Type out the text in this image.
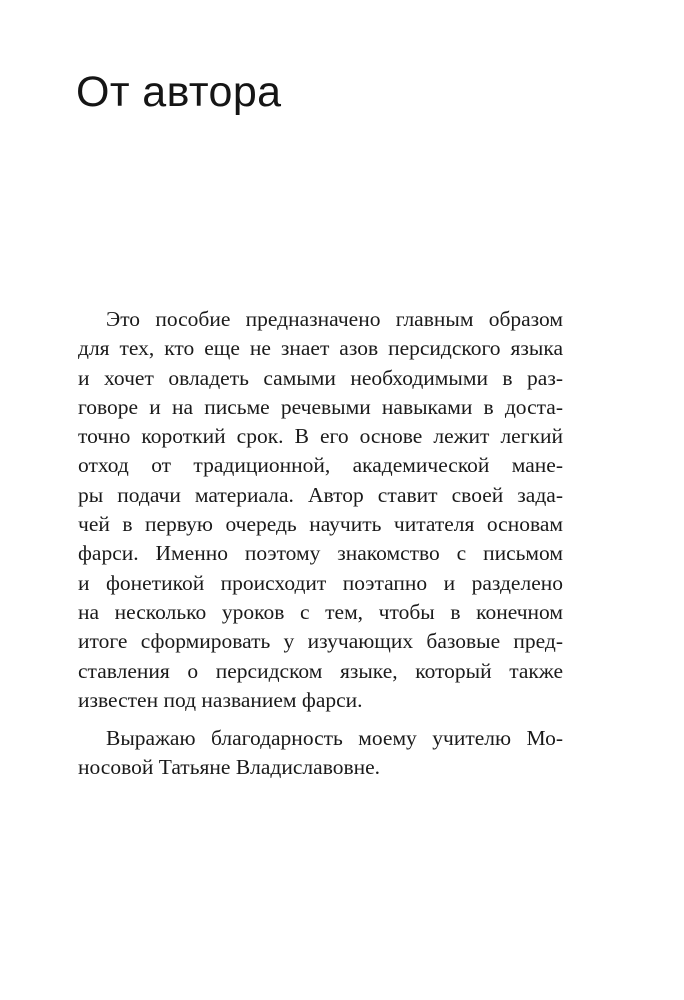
От автора
Это пособие предназначено главным образом
для тех, кто еще не знает азов персидского языка
и хочет овладеть самыми необходимыми в раз-
говоре и на письме речевыми навыками в доста-
точно короткий срок. В его основе лежит легкий
отход от традиционной, академической мане-
ры подачи материала. Автор ставит своей зада-
чей в первую очередь научить читателя основам
фарси. Именно поэтому знакомство с письмом
и фонетикой происходит поэтапно и разделено
на несколько уроков с тем, чтобы в конечном
итоге сформировать у изучающих базовые пред-
ставления о персидском языке, который также
известен под названием фарси.
Выражаю благодарность моему учителю Мо-
носовой Татьяне Владиславовне.
